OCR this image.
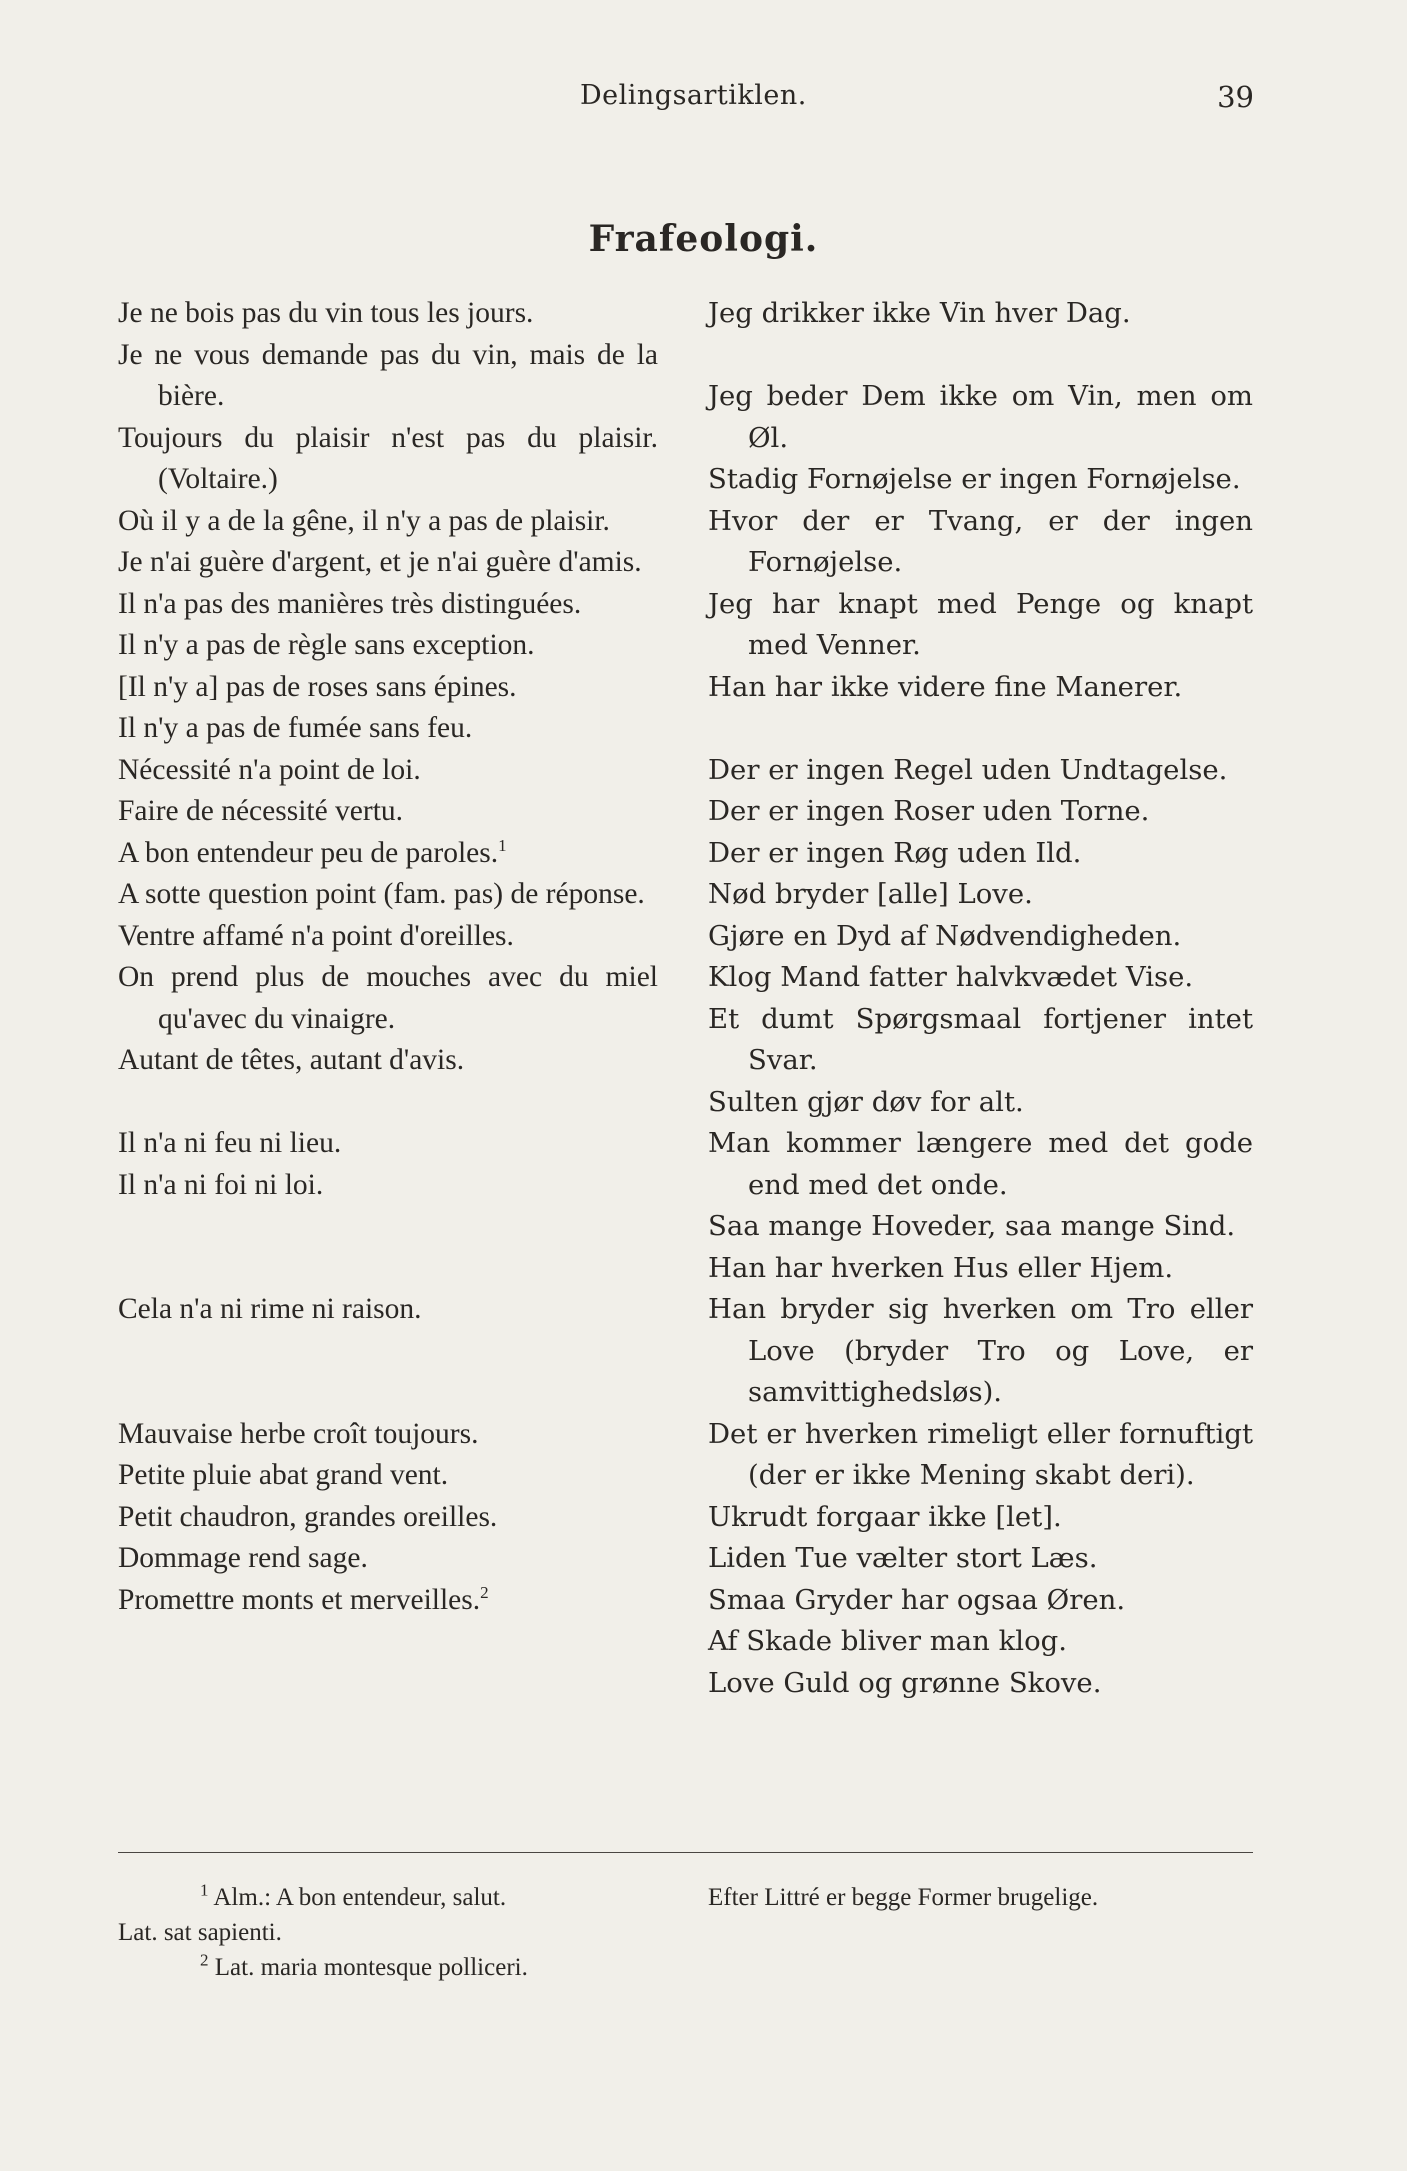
Delingsartiklen.	39
Frafeologi.
Je ne bois pas du vin tous les jours.
Je ne vous demande pas du vin, mais de la bière.
Toujours du plaisir n'est pas du plaisir. (Voltaire.)
Où il y a de la gêne, il n'y a pas de plaisir.
Je n'ai guère d'argent, et je n'ai guère d'amis.
Il n'a pas des manières très distinguées.
Il n'y a pas de règle sans exception.
[Il n'y a] pas de roses sans épines.
Il n'y a pas de fumée sans feu.
Nécessité n'a point de loi.
Faire de nécessité vertu.
A bon entendeur peu de paroles.$^1$
A sotte question point (fam. pas) de réponse.
Ventre affamé n'a point d'oreilles.
On prend plus de mouches avec du miel qu'avec du vinaigre.
Autant de têtes, autant d'avis.
Il n'a ni feu ni lieu.
Il n'a ni foi ni loi.
Cela n'a ni rime ni raison.
Mauvaise herbe croît toujours.
Petite pluie abat grand vent.
Petit chaudron, grandes oreilles.
Dommage rend sage.
Promettre monts et merveilles.$^2$
Jeg drikker ikke Vin hver Dag.
Jeg beder Dem ikke om Vin, men om Øl.
Stadig Fornøjelse er ingen Fornøjelse.
Hvor der er Tvang, er der ingen Fornøjelse.
Jeg har knapt med Penge og knapt med Venner.
Han har ikke videre fine Manerer.
Der er ingen Regel uden Undtagelse.
Der er ingen Roser uden Torne.
Der er ingen Røg uden Ild.
Nød bryder [alle] Love.
Gjøre en Dyd af Nødvendigheden.
Klog Mand fatter halvkvædet Vise.
Et dumt Spørgsmaal fortjener intet Svar.
Sulten gjør døv for alt.
Man kommer længere med det gode end med det onde.
Saa mange Hoveder, saa mange Sind.
Han har hverken Hus eller Hjem.
Han bryder sig hverken om Tro eller Love (bryder Tro og Love, er samvittighedsløs).
Det er hverken rimeligt eller fornuftigt (der er ikke Mening skabt deri).
Ukrudt forgaar ikke [let].
Liden Tue vælter stort Læs.
Smaa Gryder har ogsaa Øren.
Af Skade bliver man klog.
Love Guld og grønne Skove.
$^1$ Alm.: A bon entendeur, salut.	Efter Littré er begge Former brugelige.
Lat. sat sapienti.
$^2$ Lat. maria montesque polliceri.
